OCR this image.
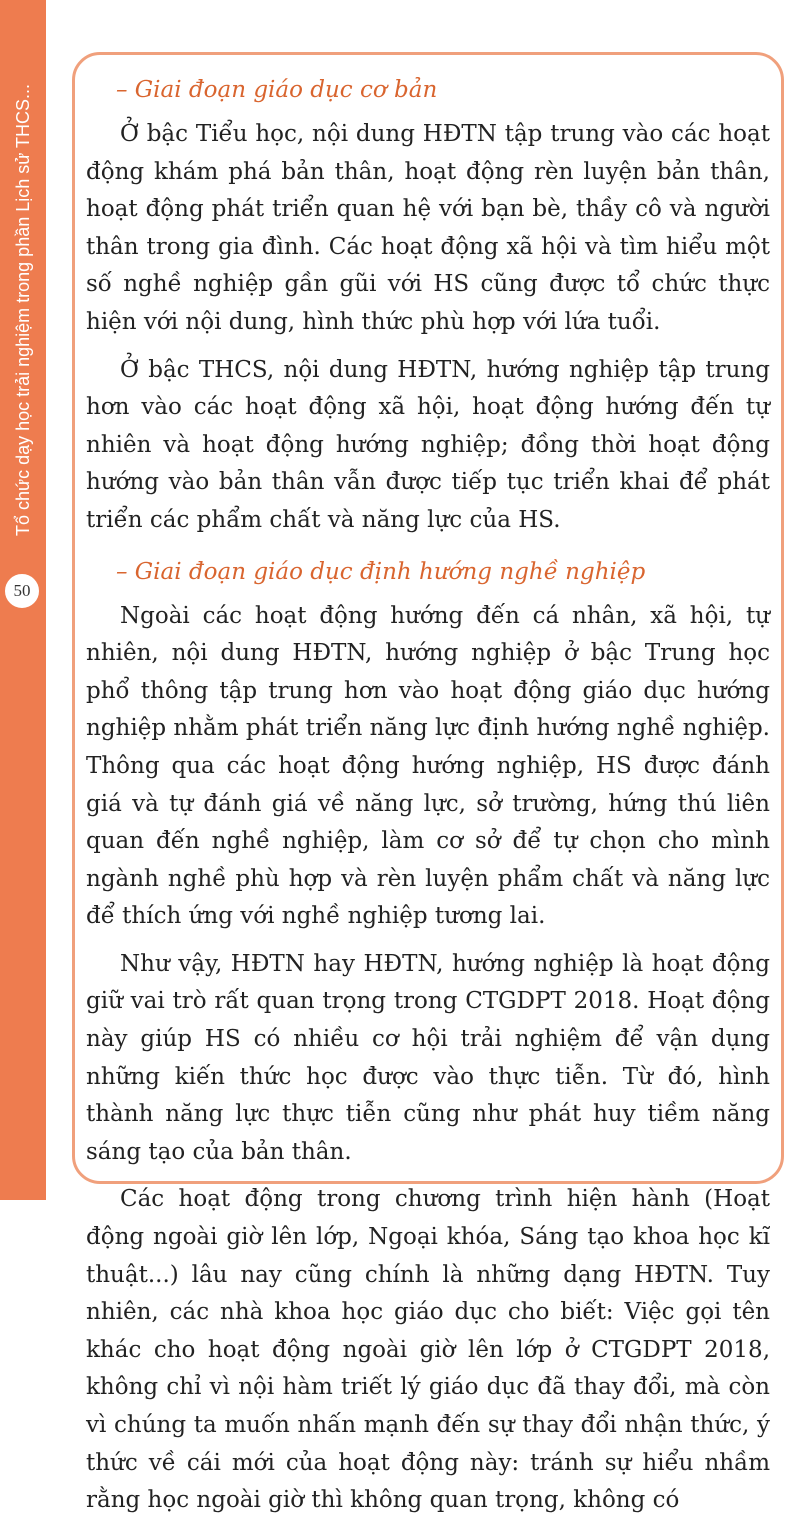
Tổ chức dạy học trải nghiệm trong phần Lịch sử THCS...
50
– Giai đoạn giáo dục cơ bản

Ở bậc Tiểu học, nội dung HĐTN tập trung vào các hoạt động khám phá bản thân, hoạt động rèn luyện bản thân, hoạt động phát triển quan hệ với bạn bè, thầy cô và người thân trong gia đình. Các hoạt động xã hội và tìm hiểu một số nghề nghiệp gần gũi với HS cũng được tổ chức thực hiện với nội dung, hình thức phù hợp với lứa tuổi.

Ở bậc THCS, nội dung HĐTN, hướng nghiệp tập trung hơn vào các hoạt động xã hội, hoạt động hướng đến tự nhiên và hoạt động hướng nghiệp; đồng thời hoạt động hướng vào bản thân vẫn được tiếp tục triển khai để phát triển các phẩm chất và năng lực của HS.

– Giai đoạn giáo dục định hướng nghề nghiệp

Ngoài các hoạt động hướng đến cá nhân, xã hội, tự nhiên, nội dung HĐTN, hướng nghiệp ở bậc Trung học phổ thông tập trung hơn vào hoạt động giáo dục hướng nghiệp nhằm phát triển năng lực định hướng nghề nghiệp. Thông qua các hoạt động hướng nghiệp, HS được đánh giá và tự đánh giá về năng lực, sở trường, hứng thú liên quan đến nghề nghiệp, làm cơ sở để tự chọn cho mình ngành nghề phù hợp và rèn luyện phẩm chất và năng lực để thích ứng với nghề nghiệp tương lai.

Như vậy, HĐTN hay HĐTN, hướng nghiệp là hoạt động giữ vai trò rất quan trọng trong CTGDPT 2018. Hoạt động này giúp HS có nhiều cơ hội trải nghiệm để vận dụng những kiến thức học được vào thực tiễn. Từ đó, hình thành năng lực thực tiễn cũng như phát huy tiềm năng sáng tạo của bản thân.

Các hoạt động trong chương trình hiện hành (Hoạt động ngoài giờ lên lớp, Ngoại khóa, Sáng tạo khoa học kĩ thuật...) lâu nay cũng chính là những dạng HĐTN. Tuy nhiên, các nhà khoa học giáo dục cho biết: Việc gọi tên khác cho hoạt động ngoài giờ lên lớp ở CTGDPT 2018, không chỉ vì nội hàm triết lý giáo dục đã thay đổi, mà còn vì chúng ta muốn nhấn mạnh đến sự thay đổi nhận thức, ý thức về cái mới của hoạt động này: tránh sự hiểu nhầm rằng học ngoài giờ thì không quan trọng, không có
